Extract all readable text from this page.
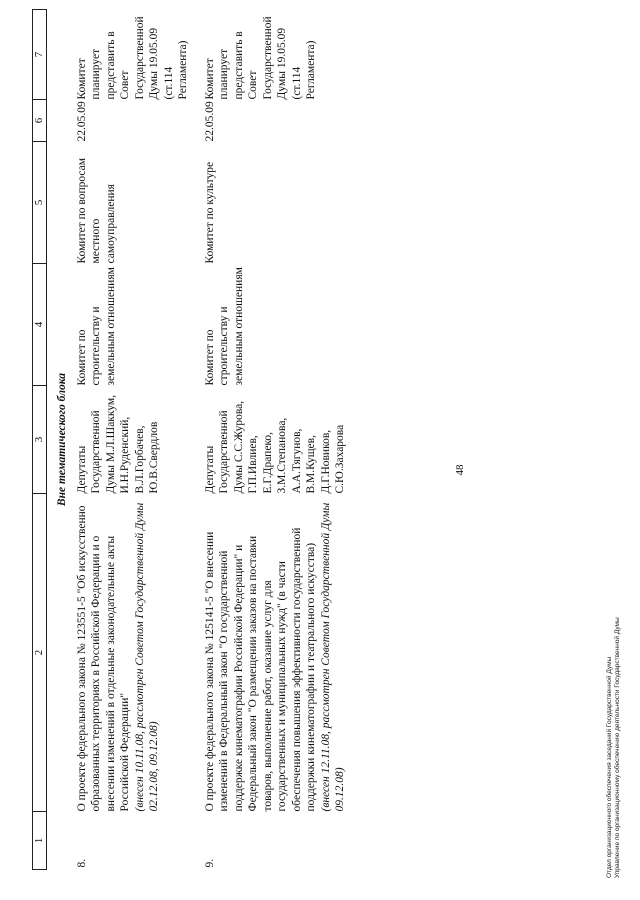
48
1	2	3	4	5	6	7
Вне тематического блока						
8.	О проекте федерального закона № 123551-5 "Об искусственно образованных территориях в Российской Федерации и о внесении изменений в отдельные законодательные акты Российской Федерации" (внесен 10.11.08, рассмотрен Советом Государственной Думы 02.12.08, 09.12.08)	Депутаты Государственной Думы М.Л.Шаккум, И.Н.Руденский, В.Л.Горбачев, Ю.В.Свердлов	Комитет по строительству и земельным отношениям	Комитет по вопросам местного самоуправления	22.05.09	Комитет планирует представить в Совет Государственной Думы 19.05.09 (ст.114 Регламента)

9.	О проекте федерального закона № 125141-5 "О внесении изменений в Федеральный закон "О государственной поддержке кинематографии Российской Федерации" и Федеральный закон "О размещении заказов на поставки товаров, выполнение работ, оказание услуг для государственных и муниципальных нужд" (в части обеспечения повышения эффективности государственной поддержки кинематографии и театрального искусства) (внесен 12.11.08, рассмотрен Советом Государственной Думы 09.12.08)	Депутаты Государственной Думы С.С.Журова, Г.П.Ивлиев, Е.Г.Драпеко, З.М.Степанова, А.А.Тягунов, В.М.Кущев, Д.Г.Новиков, С.Ю.Захарова	Комитет по строительству и земельным отношениям	Комитет по культуре	22.05.09	Комитет планирует представить в Совет Государственной Думы 19.05.09 (ст.114 Регламента)
Отдел организационного обеспечения заседаний Государственной Думы Управление по организационному обеспечению деятельности Государственной Думы
